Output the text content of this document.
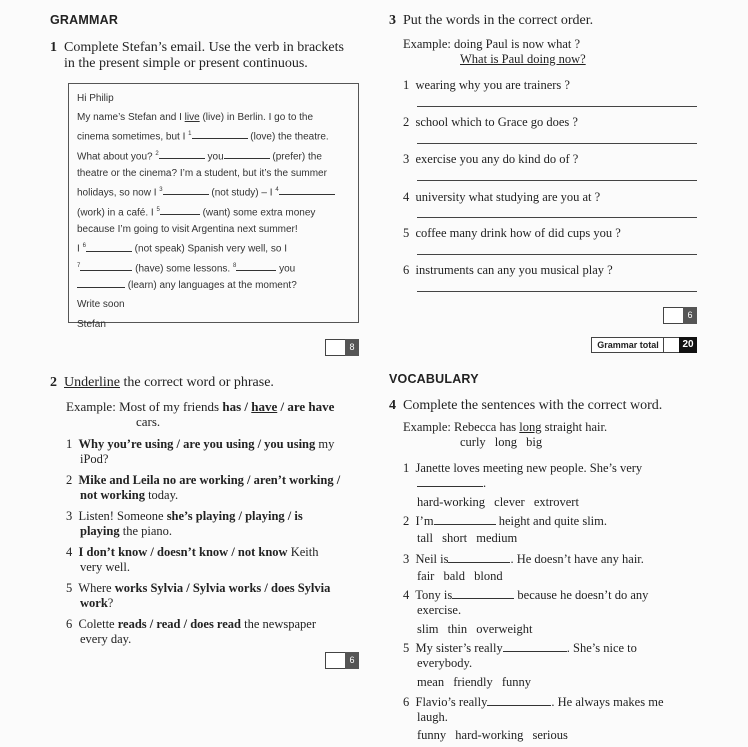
GRAMMAR
1 Complete Stefan’s email. Use the verb in brackets
in the present simple or present continuous.
Hi Philip
My name’s Stefan and I live (live) in Berlin. I go to the
cinema sometimes, but I $^1$	(love) the theatre.
What about you? $^2$	you	(prefer) the
theatre or the cinema? I’m a student, but it’s the summer
holidays, so now I $^3$	(not study) – I $^4$
(work) in a café. I $^5$	(want) some extra money
because I’m going to visit Argentina next summer!
I $^6$	(not speak) Spanish very well, so I
$^7$	(have) some lessons. $^8$	you
(learn) any languages at the moment?
Write soon
Stefan
8
2 Underline the correct word or phrase.
Example: Most of my friends has / have / are have
cars.
1 Why you’re using / are you using / you using my
iPod?
2 Mike and Leila no are working / aren’t working /
not working today.
3 Listen! Someone she’s playing / playing / is
playing the piano.
4 I don’t know / doesn’t know / not know Keith
very well.
5 Where works Sylvia / Sylvia works / does Sylvia
work?
6 Colette reads / read / does read the newspaper
every day.
6
3 Put the words in the correct order.
Example: doing Paul is now what ?
What is Paul doing now?
1 wearing why you are trainers ?
2 school which to Grace go does ?
3 exercise you any do kind do of ?
4 university what studying are you at ?
5 coffee many drink how of did cups you ?
6 instruments can any you musical play ?
6
Grammar total	20
VOCABULARY
4 Complete the sentences with the correct word.
Example: Rebecca has long straight hair.
curly long big
1 Janette loves meeting new people. She’s very
.
hard-working clever extrovert
2 I’m	height and quite slim.
tall short medium
3 Neil is	. He doesn’t have any hair.
fair bald blond
4 Tony is	because he doesn’t do any
exercise.
slim thin overweight
5 My sister’s really	. She’s nice to
everybody.
mean friendly funny
6 Flavio’s really	. He always makes me
laugh.
funny hard-working serious
